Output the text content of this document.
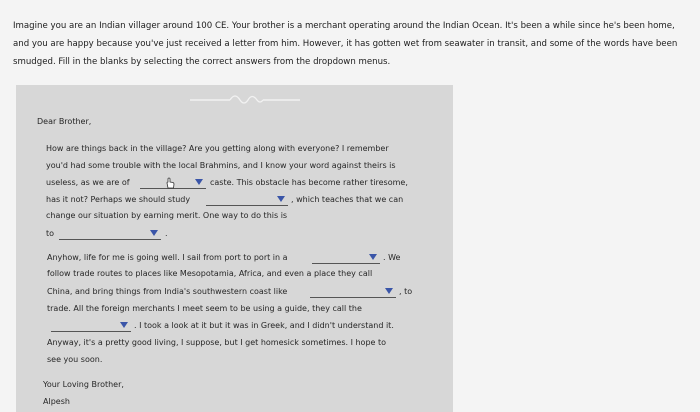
Imagine you are an Indian villager around 100 CE. Your brother is a merchant operating around the Indian Ocean. It's been a while since he's been home, and you are happy because you've just received a letter from him. However, it has gotten wet from seawater in transit, and some of the words have been smudged. Fill in the blanks by selecting the correct answers from the dropdown menus.
Dear Brother,
How are things back in the village? Are you getting along with everyone? I remember
you'd had some trouble with the local Brahmins, and I know your word against theirs is
useless, as we are of	caste. This obstacle has become rather tiresome,
has it not? Perhaps we should study	, which teaches that we can
change our situation by earning merit. One way to do this is
to	.
Anyhow, life for me is going well. I sail from port to port in a	. We
follow trade routes to places like Mesopotamia, Africa, and even a place they call
China, and bring things from India's southwestern coast like	, to
trade. All the foreign merchants I meet seem to be using a guide, they call the
. I took a look at it but it was in Greek, and I didn't understand it.
Anyway, it's a pretty good living, I suppose, but I get homesick sometimes. I hope to
see you soon.
Your Loving Brother,
Alpesh
